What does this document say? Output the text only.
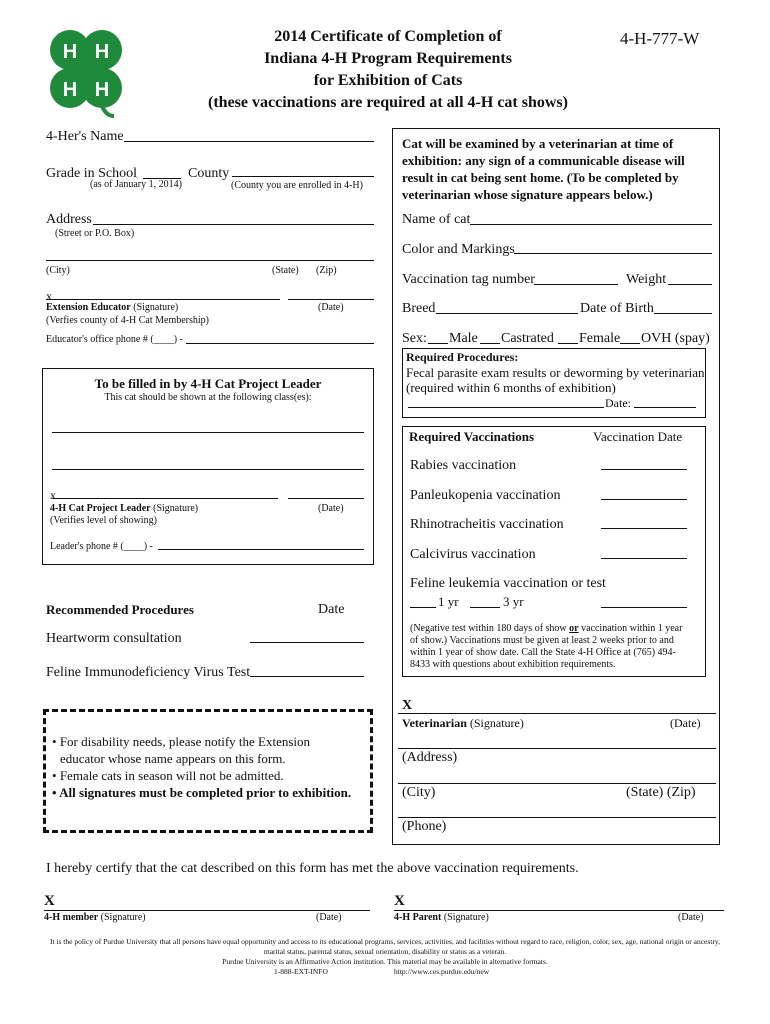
H H
H H
2014 Certificate of Completion of
Indiana 4-H Program Requirements
for Exhibition of Cats
(these vaccinations are required at all 4-H cat shows)
4-H-777-W
4-Her's Name
Grade in School
(as of January 1, 2014)
County
(County you are enrolled in 4-H)
Address
(Street or P.O. Box)
(City)	(State) (Zip)
x
Extension Educator (Signature)	(Date)
(Verfies county of 4-H Cat Membership)
Educator's office phone # (____) -
To be filled in by 4-H Cat Project Leader
This cat should be shown at the following class(es):
x
4-H Cat Project Leader (Signature)	(Date)
(Verifies level of showing)
Leader's phone # (____) -
Recommended Procedures	Date
Heartworm consultation
Feline Immunodeficiency Virus Test
• For disability needs, please notify the Extension
educator whose name appears on this form.
• Female cats in season will not be admitted.
• All signatures must be completed prior to exhibition.
Cat will be examined by a veterinarian at time of
exhibition: any sign of a communicable disease will
result in cat being sent home. (To be completed by
veterinarian whose signature appears below.)
Name of cat
Color and Markings
Vaccination tag number	Weight
Breed	Date of Birth
Sex: Male Castrated Female OVH (spay)
Required Procedures:
Fecal parasite exam results or deworming by veterinarian
(required within 6 months of exhibition)
Date:
Required Vaccinations	Vaccination Date
Rabies vaccination
Panleukopenia vaccination
Rhinotracheitis vaccination
Calcivirus vaccination
Feline leukemia vaccination or test
1 yr	3 yr
(Negative test within 180 days of show or vaccination within 1 year
of show.) Vaccinations must be given at least 2 weeks prior to and
within 1 year of show date. Call the State 4-H Office at (765) 494-
8433 with questions about exhibition requirements.
X
Veterinarian (Signature)	(Date)
(Address)
(City)	(State) (Zip)
(Phone)
I hereby certify that the cat described on this form has met the above vaccination requirements.
X
4-H member (Signature)	(Date)
X
4-H Parent (Signature)	(Date)
It is the policy of Purdue University that all persons have equal opportunity and access to its educational programs, services, activities, and facilities without regard to race, religion, color, sex, age, national origin or ancestry,
marital status, parental status, sexual orientation, disability or status as a veteran.
Purdue University is an Affirmative Action institution. This material may be available in alternative formats.
1-888-EXT-INFO	http://www.ces.purdue.edu/new
